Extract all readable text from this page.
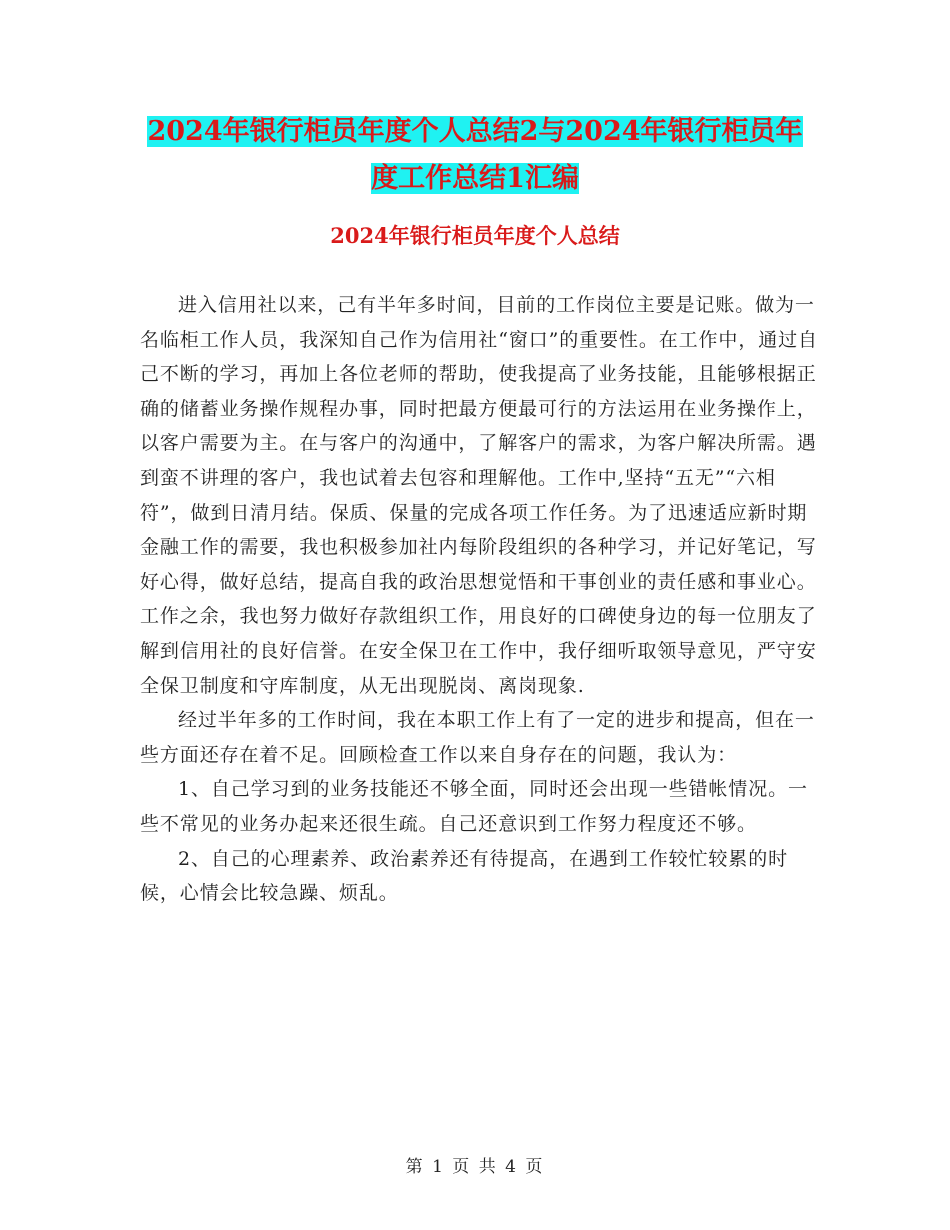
2024年银行柜员年度个人总结2与2024年银行柜员年
度工作总结1汇编
2024年银行柜员年度个人总结

进入信用社以来，己有半年多时间，目前的工作岗位主要是记账。做为一名临柜工作人员，我深知自己作为信用社“窗口”的重要性。在工作中，通过自己不断的学习，再加上各位老师的帮助，使我提高了业务技能，且能够根据正确的储蓄业务操作规程办事，同时把最方便最可行的方法运用在业务操作上，以客户需要为主。在与客户的沟通中，了解客户的需求，为客户解决所需。遇到蛮不讲理的客户，我也试着去包容和理解他。工作中,坚持“五无”“六相符”，做到日清月结。保质、保量的完成各项工作任务。为了迅速适应新时期金融工作的需要，我也积极参加社内每阶段组织的各种学习，并记好笔记，写好心得，做好总结，提高自我的政治思想觉悟和干事创业的责任感和事业心。工作之余，我也努力做好存款组织工作，用良好的口碑使身边的每一位朋友了解到信用社的良好信誉。在安全保卫在工作中，我仔细听取领导意见，严守安全保卫制度和守库制度，从无出现脱岗、离岗现象.

经过半年多的工作时间，我在本职工作上有了一定的进步和提高，但在一些方面还存在着不足。回顾检查工作以来自身存在的问题，我认为：

1、自己学习到的业务技能还不够全面，同时还会出现一些错帐情况。一些不常见的业务办起来还很生疏。自己还意识到工作努力程度还不够。

2、自己的心理素养、政治素养还有待提高，在遇到工作较忙较累的时候，心情会比较急躁、烦乱。

第 1 页 共 4 页
